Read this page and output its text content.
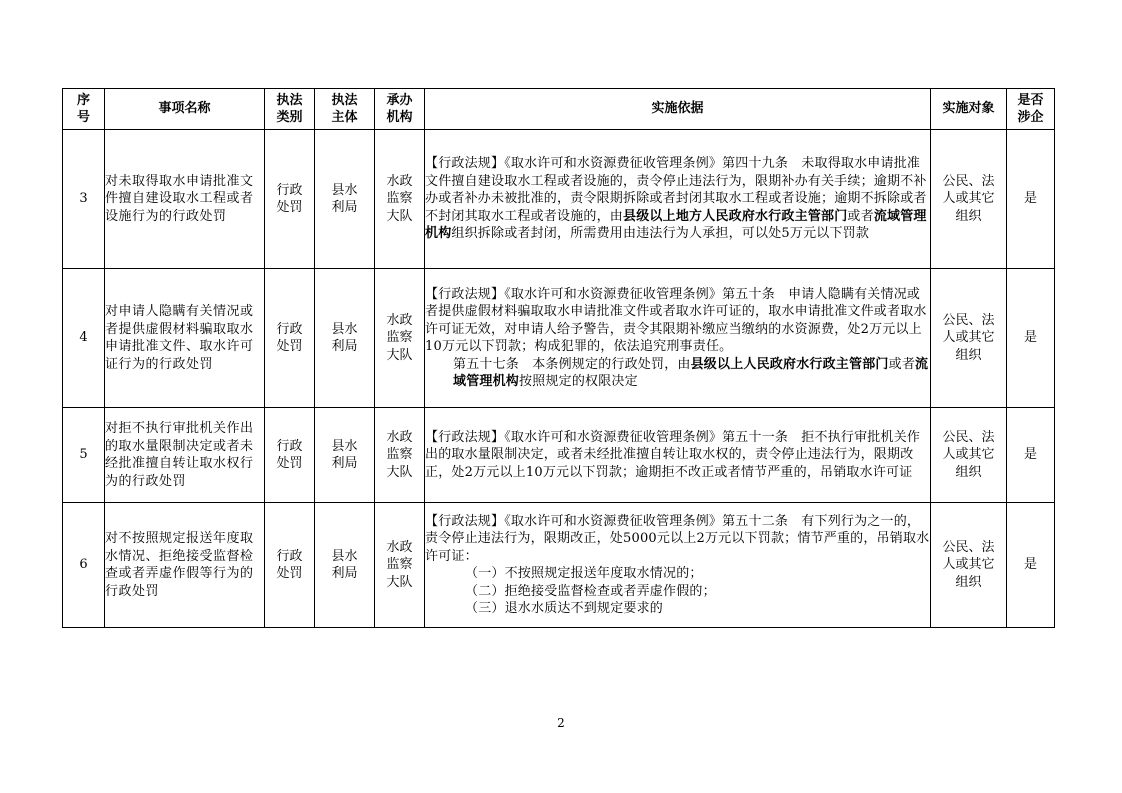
序号	事项名称	执法类别	执法主体	承办机构	实施依据	实施对象	是否涉企
3	对未取得取水申请批准文件擅自建设取水工程或者设施行为的行政处罚	行政处罚	县水利局	水政监察大队	【行政法规】《取水许可和水资源费征收管理条例》第四十九条　未取得取水申请批准文件擅自建设取水工程或者设施的，责令停止违法行为，限期补办有关手续；逾期不补办或者补办未被批准的，责令限期拆除或者封闭其取水工程或者设施；逾期不拆除或者不封闭其取水工程或者设施的，由县级以上地方人民政府水行政主管部门或者流域管理机构组织拆除或者封闭，所需费用由违法行为人承担，可以处5万元以下罚款	公民、法人或其它组织	是
4	对申请人隐瞒有关情况或者提供虚假材料骗取取水申请批准文件、取水许可证行为的行政处罚	行政处罚	县水利局	水政监察大队	【行政法规】《取水许可和水资源费征收管理条例》第五十条　申请人隐瞒有关情况或者提供虚假材料骗取取水申请批准文件或者取水许可证的，取水申请批准文件或者取水许可证无效，对申请人给予警告，责令其限期补缴应当缴纳的水资源费，处2万元以上10万元以下罚款；构成犯罪的，依法追究刑事责任。
第五十七条　本条例规定的行政处罚，由县级以上人民政府水行政主管部门或者流域管理机构按照规定的权限决定	公民、法人或其它组织	是
5	对拒不执行审批机关作出的取水量限制决定或者未经批准擅自转让取水权行为的行政处罚	行政处罚	县水利局	水政监察大队	【行政法规】《取水许可和水资源费征收管理条例》第五十一条　拒不执行审批机关作出的取水量限制决定，或者未经批准擅自转让取水权的，责令停止违法行为，限期改正，处2万元以上10万元以下罚款；逾期拒不改正或者情节严重的，吊销取水许可证	公民、法人或其它组织	是
6	对不按照规定报送年度取水情况、拒绝接受监督检查或者弄虚作假等行为的行政处罚	行政处罚	县水利局	水政监察大队	【行政法规】《取水许可和水资源费征收管理条例》第五十二条　有下列行为之一的，责令停止违法行为，限期改正，处5000元以上2万元以下罚款；情节严重的，吊销取水许可证：
（一）不按照规定报送年度取水情况的；
（二）拒绝接受监督检查或者弄虚作假的；
（三）退水水质达不到规定要求的	公民、法人或其它组织	是
2
